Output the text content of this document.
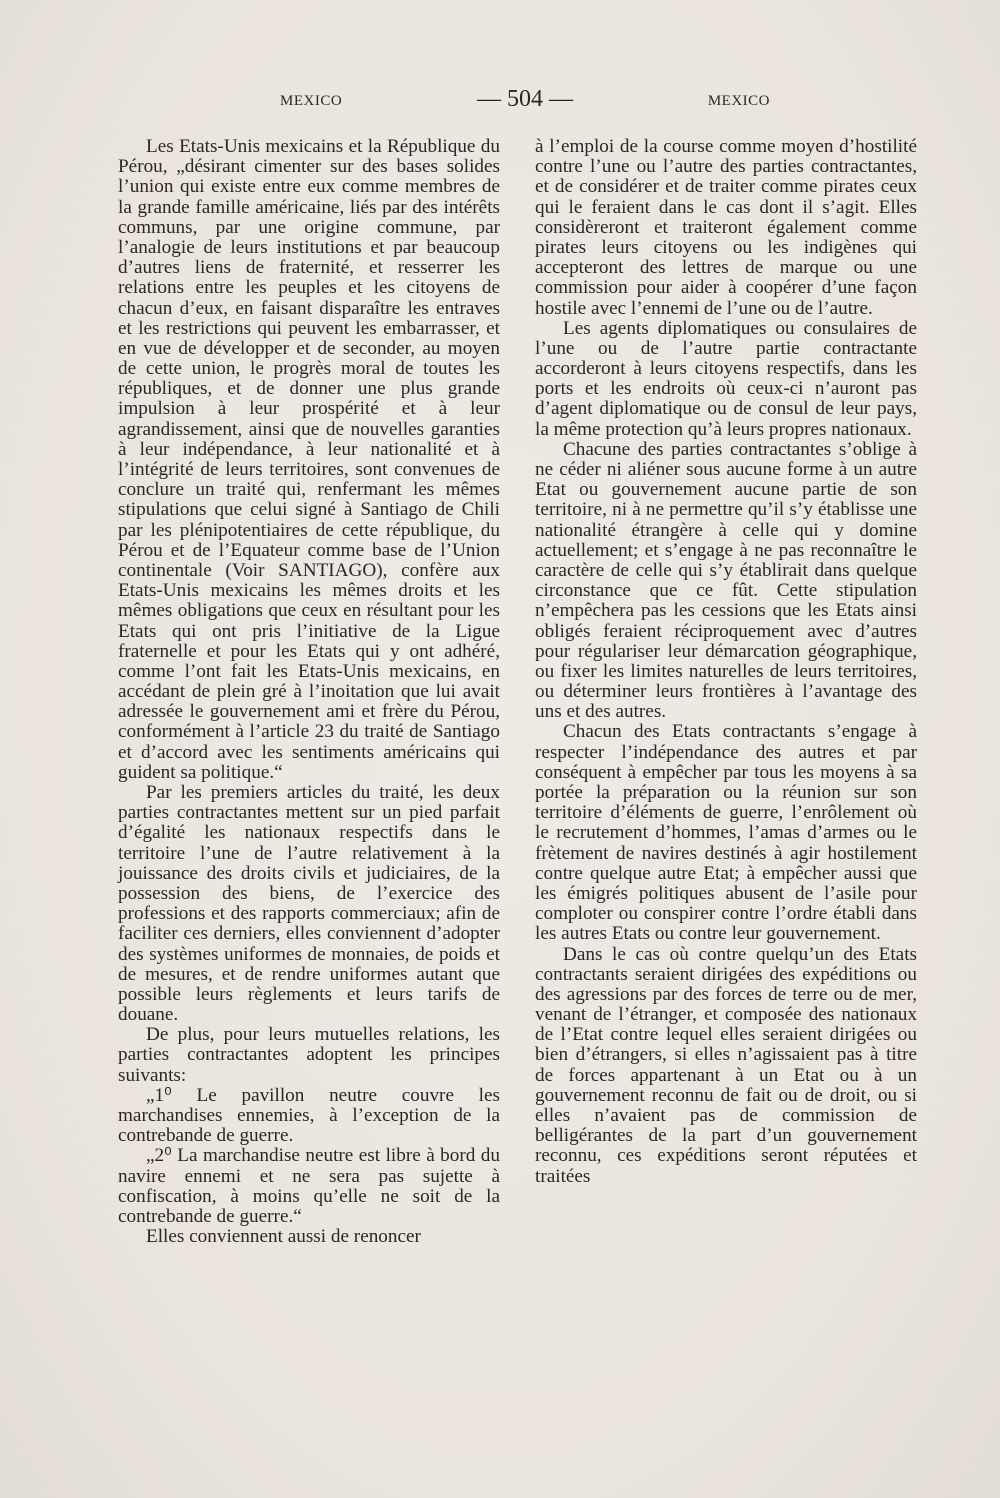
MEXICO	— 504 —	MEXICO

Les Etats-Unis mexicains et la République du Pérou, „désirant cimenter sur des bases solides l’union qui existe entre eux comme membres de la grande famille américaine, liés par des intérêts communs, par une origine commune, par l’analogie de leurs institutions et par beaucoup d’autres liens de fraternité, et resserrer les relations entre les peuples et les citoyens de chacun d’eux, en faisant disparaître les entraves et les restrictions qui peuvent les embarrasser, et en vue de développer et de seconder, au moyen de cette union, le progrès moral de toutes les républiques, et de donner une plus grande impulsion à leur prospérité et à leur agrandissement, ainsi que de nouvelles garanties à leur indépendance, à leur nationalité et à l’intégrité de leurs territoires, sont convenues de conclure un traité qui, renfermant les mêmes stipulations que celui signé à Santiago de Chili par les plénipotentiaires de cette république, du Pérou et de l’Equateur comme base de l’Union continentale (Voir SANTIAGO), confère aux Etats-Unis mexicains les mêmes droits et les mêmes obligations que ceux en résultant pour les Etats qui ont pris l’initiative de la Ligue fraternelle et pour les Etats qui y ont adhéré, comme l’ont fait les Etats-Unis mexicains, en accédant de plein gré à l’inoitation que lui avait adressée le gouvernement ami et frère du Pérou, conformément à l’article 23 du traité de Santiago et d’accord avec les sentiments américains qui guident sa politique.“

Par les premiers articles du traité, les deux parties contractantes mettent sur un pied parfait d’égalité les nationaux respectifs dans le territoire l’une de l’autre relativement à la jouissance des droits civils et judiciaires, de la possession des biens, de l’exercice des professions et des rapports commerciaux; afin de faciliter ces derniers, elles conviennent d’adopter des systèmes uniformes de monnaies, de poids et de mesures, et de rendre uniformes autant que possible leurs règlements et leurs tarifs de douane.

De plus, pour leurs mutuelles relations, les parties contractantes adoptent les principes suivants:

„1⁰ Le pavillon neutre couvre les marchandises ennemies, à l’exception de la contrebande de guerre.

„2⁰ La marchandise neutre est libre à bord du navire ennemi et ne sera pas sujette à confiscation, à moins qu’elle ne soit de la contrebande de guerre.“

Elles conviennent aussi de renoncer

à l’emploi de la course comme moyen d’hostilité contre l’une ou l’autre des parties contractantes, et de considérer et de traiter comme pirates ceux qui le feraient dans le cas dont il s’agit. Elles considèreront et traiteront également comme pirates leurs citoyens ou les indigènes qui accepteront des lettres de marque ou une commission pour aider à coopérer d’une façon hostile avec l’ennemi de l’une ou de l’autre.

Les agents diplomatiques ou consulaires de l’une ou de l’autre partie contractante accorderont à leurs citoyens respectifs, dans les ports et les endroits où ceux-ci n’auront pas d’agent diplomatique ou de consul de leur pays, la même protection qu’à leurs propres nationaux.

Chacune des parties contractantes s’oblige à ne céder ni aliéner sous aucune forme à un autre Etat ou gouvernement aucune partie de son territoire, ni à ne permettre qu’il s’y établisse une nationalité étrangère à celle qui y domine actuellement; et s’engage à ne pas reconnaître le caractère de celle qui s’y établirait dans quelque circonstance que ce fût. Cette stipulation n’empêchera pas les cessions que les Etats ainsi obligés feraient réciproquement avec d’autres pour régulariser leur démarcation géographique, ou fixer les limites naturelles de leurs territoires, ou déterminer leurs frontières à l’avantage des uns et des autres.

Chacun des Etats contractants s’engage à respecter l’indépendance des autres et par conséquent à empêcher par tous les moyens à sa portée la préparation ou la réunion sur son territoire d’éléments de guerre, l’enrôlement où le recrutement d’hommes, l’amas d’armes ou le frètement de navires destinés à agir hostilement contre quelque autre Etat; à empêcher aussi que les émigrés politiques abusent de l’asile pour comploter ou conspirer contre l’ordre établi dans les autres Etats ou contre leur gouvernement.

Dans le cas où contre quelqu’un des Etats contractants seraient dirigées des expéditions ou des agressions par des forces de terre ou de mer, venant de l’étranger, et composée des nationaux de l’Etat contre lequel elles seraient dirigées ou bien d’étrangers, si elles n’agissaient pas à titre de forces appartenant à un Etat ou à un gouvernement reconnu de fait ou de droit, ou si elles n’avaient pas de commission de belligérantes de la part d’un gouvernement reconnu, ces expéditions seront réputées et traitées
